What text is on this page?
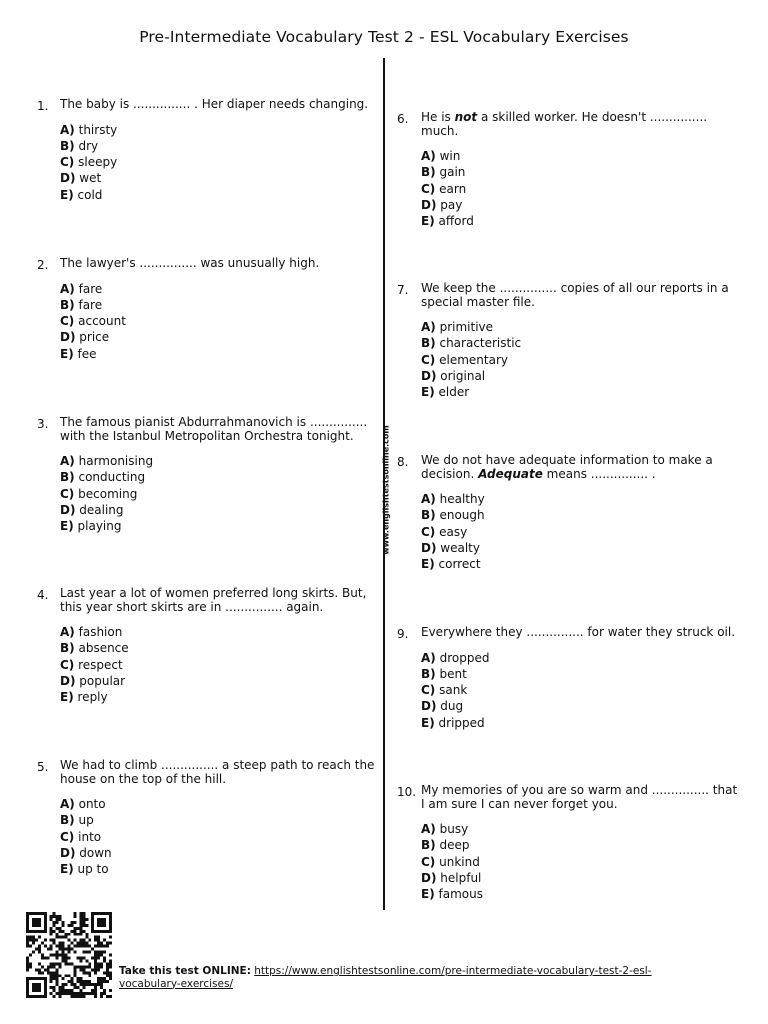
Pre-Intermediate Vocabulary Test 2 - ESL Vocabulary Exercises
www.englishtestsonline.com
1. The baby is ............... . Her diaper needs changing.
A) thirsty
B) dry
C) sleepy
D) wet
E) cold
2. The lawyer's ............... was unusually high.
A) fare
B) fare
C) account
D) price
E) fee
3. The famous pianist Abdurrahmanovich is ............... with the Istanbul Metropolitan Orchestra tonight.
A) harmonising
B) conducting
C) becoming
D) dealing
E) playing
4. Last year a lot of women preferred long skirts. But, this year short skirts are in ............... again.
A) fashion
B) absence
C) respect
D) popular
E) reply
5. We had to climb ............... a steep path to reach the house on the top of the hill.
A) onto
B) up
C) into
D) down
E) up to
6. He is not a skilled worker. He doesn't ............... much.
A) win
B) gain
C) earn
D) pay
E) afford
7. We keep the ............... copies of all our reports in a special master file.
A) primitive
B) characteristic
C) elementary
D) original
E) elder
8. We do not have adequate information to make a decision. Adequate means ............... .
A) healthy
B) enough
C) easy
D) wealty
E) correct
9. Everywhere they ............... for water they struck oil.
A) dropped
B) bent
C) sank
D) dug
E) dripped
10. My memories of you are so warm and ............... that I am sure I can never forget you.
A) busy
B) deep
C) unkind
D) helpful
E) famous
Take this test ONLINE: https://www.englishtestsonline.com/pre-intermediate-vocabulary-test-2-esl-vocabulary-exercises/
